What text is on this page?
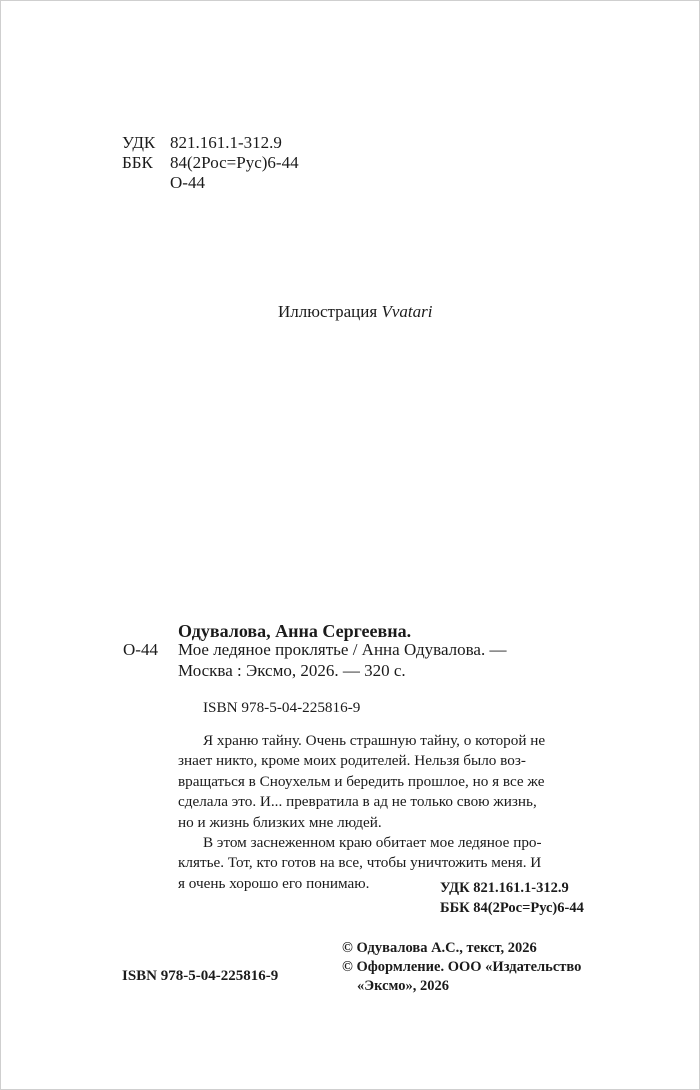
УДК 821.161.1-312.9
ББК	84(2Рос=Рус)6-44
О-44
Иллюстрация Vvatari
Одувалова, Анна Сергеевна.
О-44 Мое ледяное проклятье / Анна Одувалова. —
Москва : Эксмо, 2026. — 320 с.
ISBN 978-5-04-225816-9

Я храню тайну. Очень страшную тайну, о которой не
знает никто, кроме моих родителей. Нельзя было воз-
вращаться в Сноухельм и бередить прошлое, но я все же
сделала это. И... превратила в ад не только свою жизнь,
но и жизнь близких мне людей.

В этом заснеженном краю обитает мое ледяное про-
клятье. Тот, кто готов на все, чтобы уничтожить меня. И
я очень хорошо его понимаю.	УДК 821.161.1-312.9
ББК 84(2Рос=Рус)6-44
ISBN 978-5-04-225816-9
© Одувалова А.С., текст, 2026
© Оформление. ООО «Издательство
«Эксмо», 2026
